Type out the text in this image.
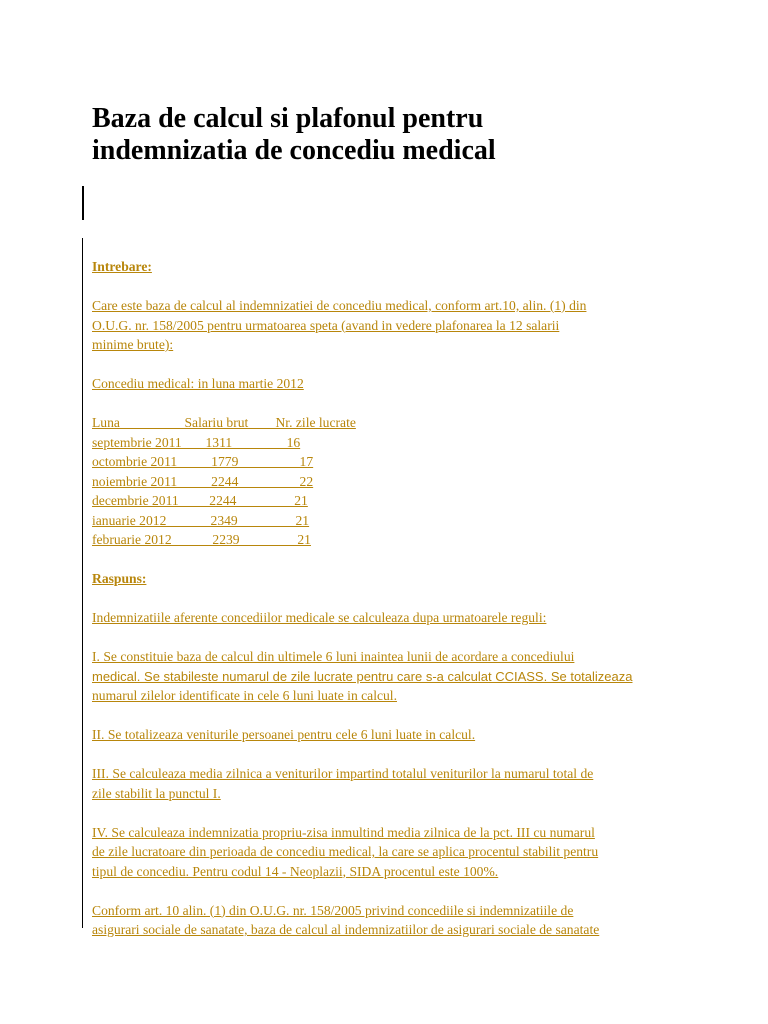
Baza de calcul si plafonul pentru
indemnizatia de concediu medical
Intrebare:
Care este baza de calcul al indemnizatiei de concediu medical, conform art.10, alin. (1) din
O.U.G. nr. 158/2005 pentru urmatoarea speta (avand in vedere plafonarea la 12 salarii
minime brute):
Concediu medical: in luna martie 2012
Luna                   Salariu brut        Nr. zile lucrate
septembrie 2011       1311                16
octombrie 2011          1779                  17
noiembrie 2011          2244                  22
decembrie 2011         2244                 21
ianuarie 2012             2349                 21
februarie 2012            2239                 21
Raspuns:
Indemnizatiile aferente concediilor medicale se calculeaza dupa urmatoarele reguli:
I. Se constituie baza de calcul din ultimele 6 luni inaintea lunii de acordare a concediului
medical. Se stabileste numarul de zile lucrate pentru care s-a calculat CCIASS. Se totalizeaza
numarul zilelor identificate in cele 6 luni luate in calcul.
II. Se totalizeaza veniturile persoanei pentru cele 6 luni luate in calcul.
III. Se calculeaza media zilnica a veniturilor impartind totalul veniturilor la numarul total de
zile stabilit la punctul I.
IV. Se calculeaza indemnizatia propriu-zisa inmultind media zilnica de la pct. III cu numarul
de zile lucratoare din perioada de concediu medical, la care se aplica procentul stabilit pentru
tipul de concediu. Pentru codul 14 - Neoplazii, SIDA procentul este 100%.
Conform art. 10 alin. (1) din O.U.G. nr. 158/2005 privind concediile si indemnizatiile de
asigurari sociale de sanatate, baza de calcul al indemnizatiilor de asigurari sociale de sanatate
